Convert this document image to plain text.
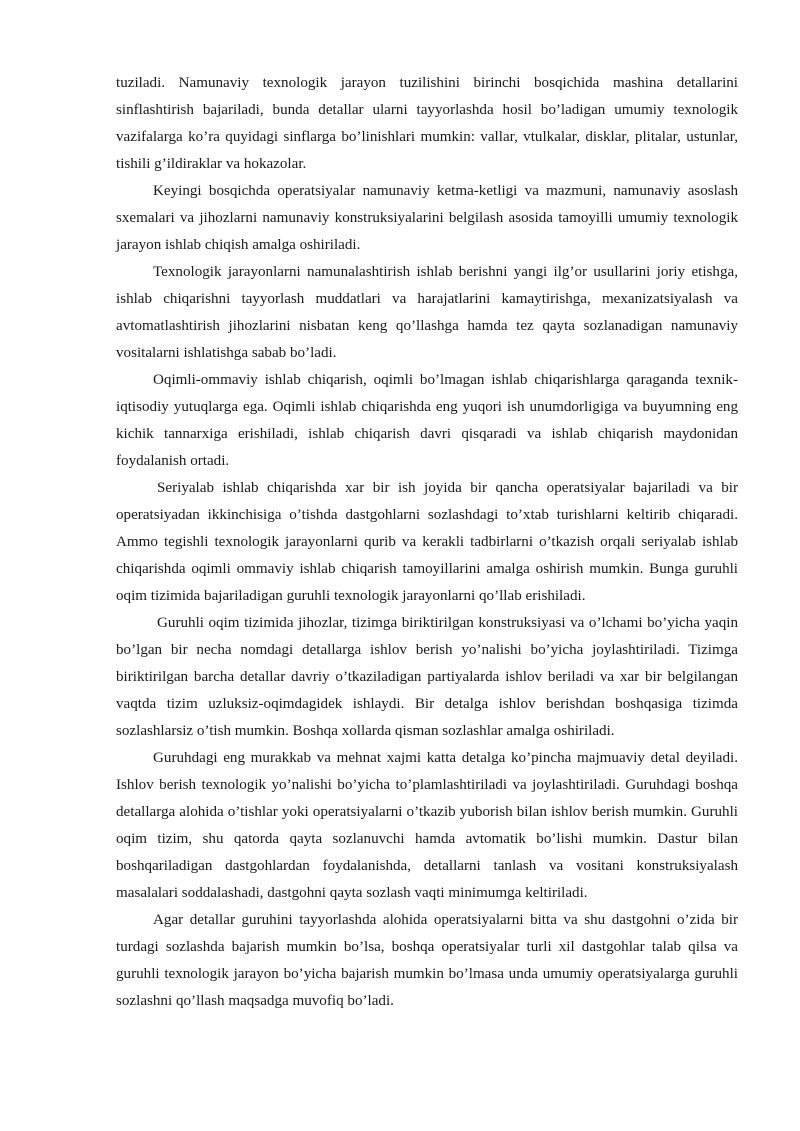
tuziladi. Namunaviy texnologik jarayon tuzilishini birinchi bosqichida mashina detallarini sinflashtirish bajariladi, bunda detallar ularni tayyorlashda hosil bo’ladigan umumiy texnologik vazifalarga ko’ra quyidagi sinflarga bo’linishlari mumkin: vallar, vtulkalar, disklar, plitalar, ustunlar, tishili g’ildiraklar va hokazolar.

Keyingi bosqichda operatsiyalar namunaviy ketma-ketligi va mazmuni, namunaviy asoslash sxemalari va jihozlarni namunaviy konstruksiyalarini belgilash asosida tamoyilli umumiy texnologik jarayon ishlab chiqish amalga oshiriladi.

Texnologik jarayonlarni namunalashtirish ishlab berishni yangi ilg’or usullarini joriy etishga, ishlab chiqarishni tayyorlash muddatlari va harajatlarini kamaytirishga, mexanizatsiyalash va avtomatlashtirish jihozlarini nisbatan keng qo’llashga hamda tez qayta sozlanadigan namunaviy vositalarni ishlatishga sabab bo’ladi.

Oqimli-ommaviy ishlab chiqarish, oqimli bo’lmagan ishlab chiqarishlarga qaraganda texnik-iqtisodiy yutuqlarga ega. Oqimli ishlab chiqarishda eng yuqori ish unumdorligiga va buyumning eng kichik tannarxiga erishiladi, ishlab chiqarish davri qisqaradi va ishlab chiqarish maydonidan foydalanish ortadi.

Seriyalab ishlab chiqarishda xar bir ish joyida bir qancha operatsiyalar bajariladi va bir operatsiyadan ikkinchisiga o’tishda dastgohlarni sozlashdagi to’xtab turishlarni keltirib chiqaradi. Ammo tegishli texnologik jarayonlarni qurib va kerakli tadbirlarni o’tkazish orqali seriyalab ishlab chiqarishda oqimli ommaviy ishlab chiqarish tamoyillarini amalga oshirish mumkin. Bunga guruhli oqim tizimida bajariladigan guruhli texnologik jarayonlarni qo’llab erishiladi.

Guruhli oqim tizimida jihozlar, tizimga biriktirilgan konstruksiyasi va o’lchami bo’yicha yaqin bo’lgan bir necha nomdagi detallarga ishlov berish yo’nalishi bo’yicha joylashtiriladi. Tizimga biriktirilgan barcha detallar davriy o’tkaziladigan partiyalarda ishlov beriladi va xar bir belgilangan vaqtda tizim uzluksiz-oqimdagidek ishlaydi. Bir detalga ishlov berishdan boshqasiga tizimda sozlashlarsiz o’tish mumkin. Boshqa xollarda qisman sozlashlar amalga oshiriladi.

Guruhdagi eng murakkab va mehnat xajmi katta detalga ko’pincha majmuaviy detal deyiladi. Ishlov berish texnologik yo’nalishi bo’yicha to’plamlashtiriladi va joylashtiriladi. Guruhdagi boshqa detallarga alohida o’tishlar yoki operatsiyalarni o’tkazib yuborish bilan ishlov berish mumkin. Guruhli oqim tizim, shu qatorda qayta sozlanuvchi hamda avtomatik bo’lishi mumkin. Dastur bilan boshqariladigan dastgohlardan foydalanishda, detallarni tanlash va vositani konstruksiyalash masalalari soddalashadi, dastgohni qayta sozlash vaqti minimumga keltiriladi.

Agar detallar guruhini tayyorlashda alohida operatsiyalarni bitta va shu dastgohni o’zida bir turdagi sozlashda bajarish mumkin bo’lsa, boshqa operatsiyalar turli xil dastgohlar talab qilsa va guruhli texnologik jarayon bo’yicha bajarish mumkin bo’lmasa unda umumiy operatsiyalarga guruhli sozlashni qo’llash maqsadga muvofiq bo’ladi.
